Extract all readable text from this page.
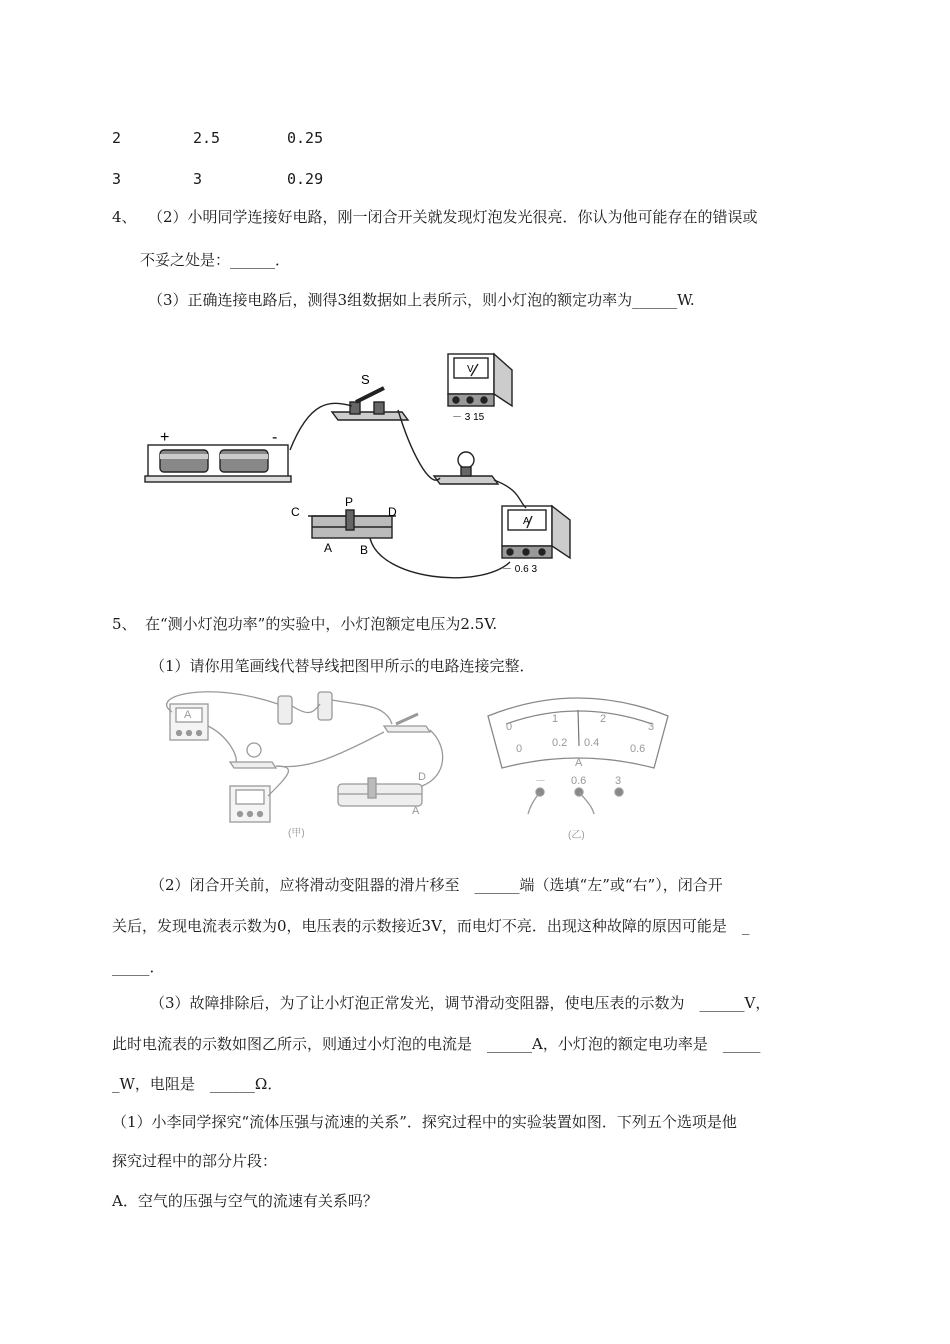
2	2.5	0.25
3	3	0.29
4、 （2）小明同学连接好电路，刚一闭合开关就发现灯泡发光很亮．你认为他可能存在的错误或
不妥之处是：______．
（3）正确连接电路后，测得3组数据如上表所示，则小灯泡的额定功率为______W.
+	-
S
C
P
D
A B
V
－ 3 15
A
－ 0.6 3
5、 在“测小灯泡功率”的实验中，小灯泡额定电压为2.5V.
（1）请你用笔画线代替导线把图甲所示的电路连接完整．
A
D
A
(甲)
0
1	2
3
0	0.2 0.4	0.6
A
－ 0.6	3
(乙)
（2）闭合开关前，应将滑动变阻器的滑片移至　______端（选填“左”或“右”），闭合开
关后，发现电流表示数为0，电压表的示数接近3V，而电灯不亮．出现这种故障的原因可能是　_
_____．
（3）故障排除后，为了让小灯泡正常发光，调节滑动变阻器，使电压表的示数为　______V，
此时电流表的示数如图乙所示，则通过小灯泡的电流是　______A，小灯泡的额定电功率是　_____
_W，电阻是　______Ω．
（1）小李同学探究“流体压强与流速的关系”．探究过程中的实验装置如图．下列五个选项是他
探究过程中的部分片段：
A．空气的压强与空气的流速有关系吗？
